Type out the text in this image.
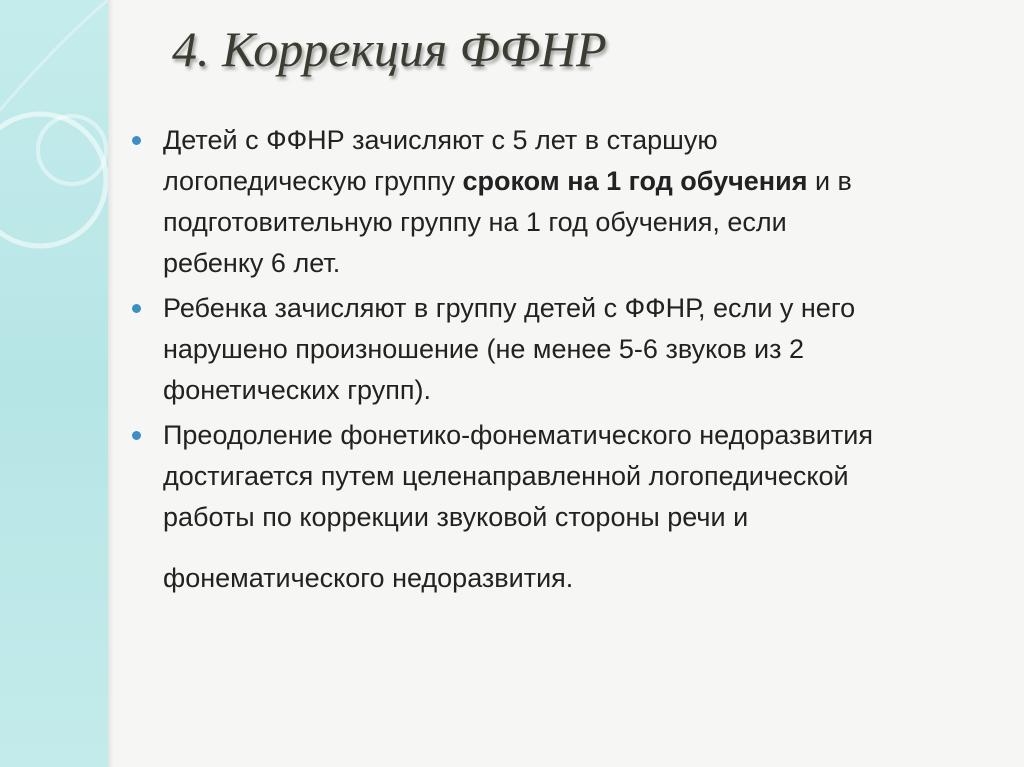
4. Коррекция ФФНР
Детей с ФФНР зачисляют с 5 лет в старшую
логопедическую группу сроком на 1 год обучения и в
подготовительную группу на 1 год обучения, если
ребенку 6 лет.
Ребенка зачисляют в группу детей с ФФНР, если у него
нарушено произношение (не менее 5-6 звуков из 2
фонетических групп).
Преодоление фонетико-фонематического недоразвития
достигается путем целенаправленной логопедической
работы по коррекции звуковой стороны речи и
фонематического недоразвития.
